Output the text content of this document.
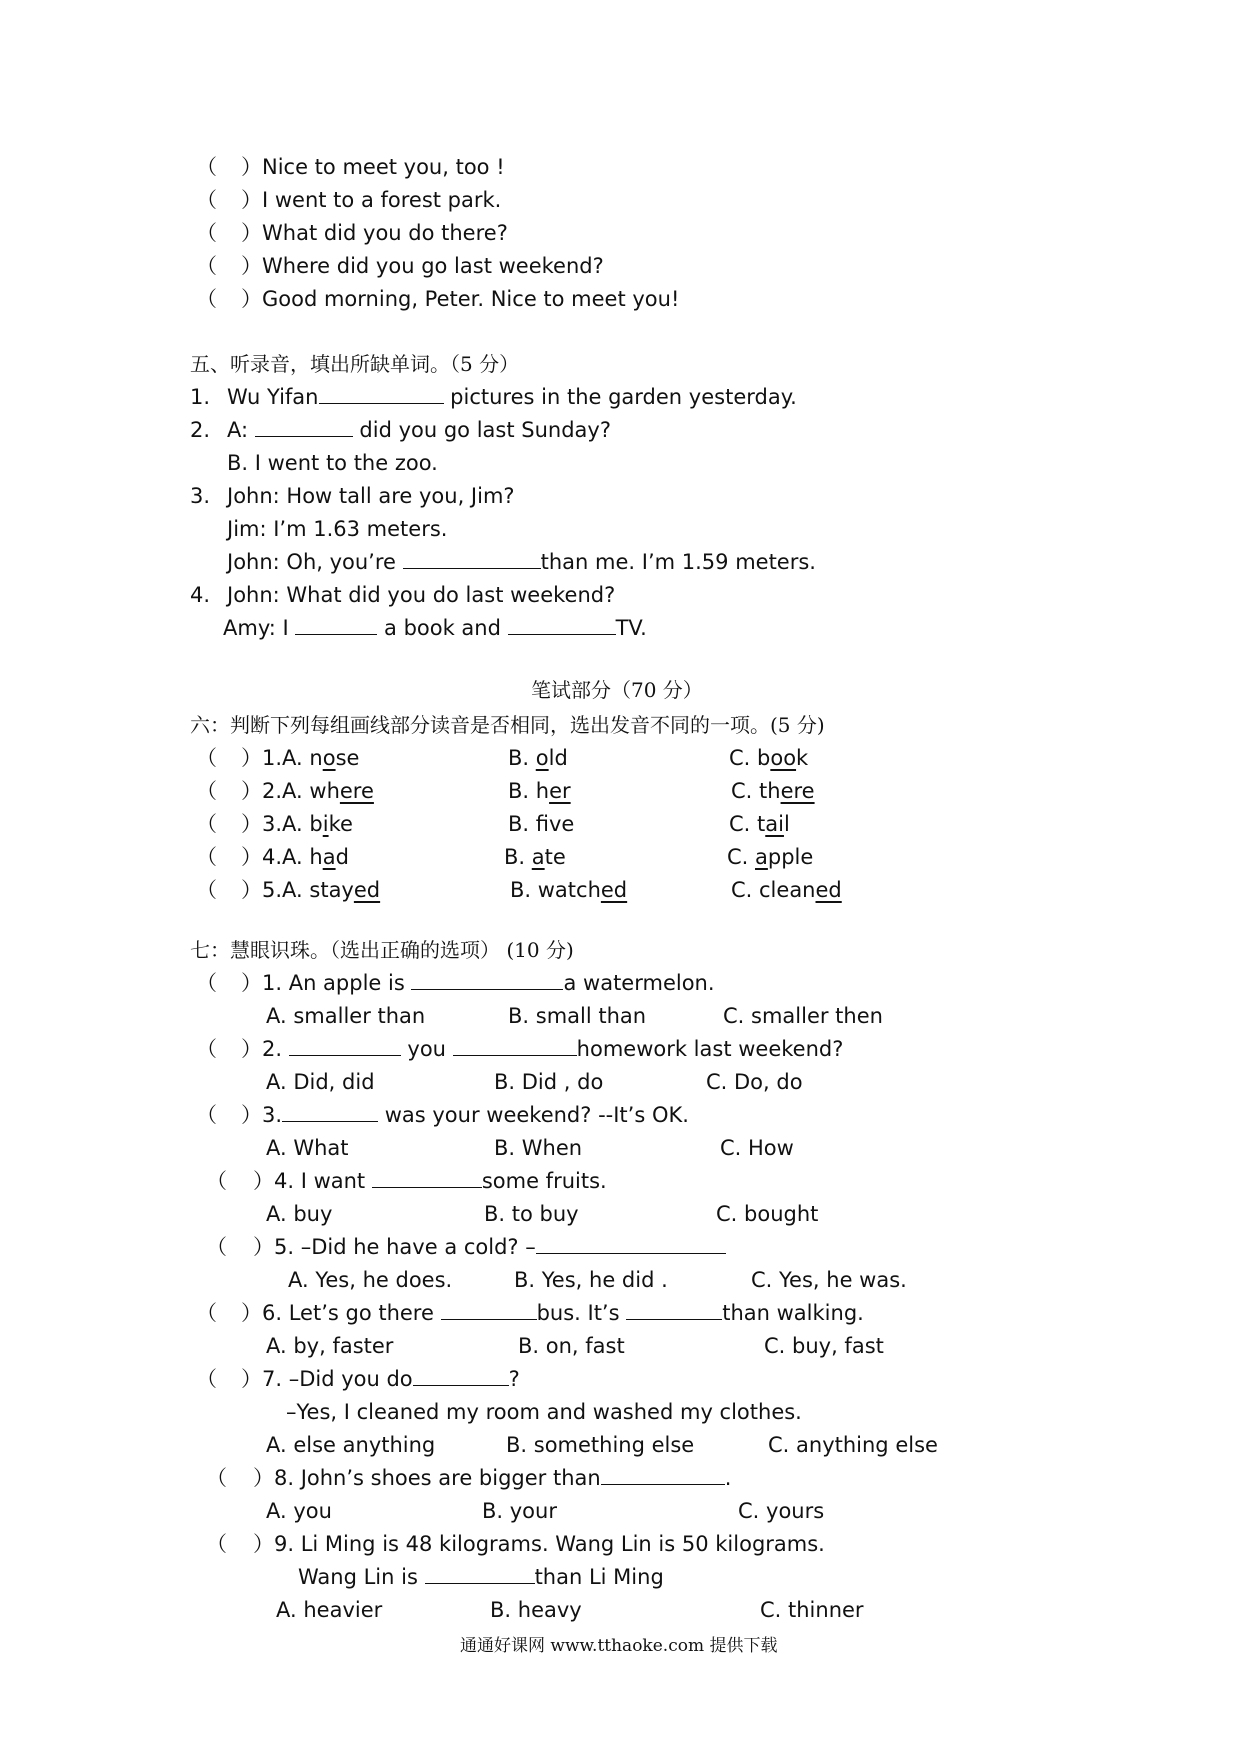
（ ）Nice to meet you, too !
（ ）I went to a forest park.
（ ）What did you do there?
（ ）Where did you go last weekend?
（ ）Good morning, Peter. Nice to meet you!
五、听录音，填出所缺单词。（5 分）
1. Wu Yifan	pictures in the garden yesterday.
2. A:	did you go last Sunday?
B. I went to the zoo.
3. John: How tall are you, Jim?
Jim: I’m 1.63 meters.
John: Oh, you’re	than me. I’m 1.59 meters.
4. John: What did you do last weekend?
Amy: I	a book and	TV.
笔试部分（70 分）
六：判断下列每组画线部分读音是否相同，选出发音不同的一项。(5 分)
（ ）1.A. nose	B. old	C. book
（ ）2.A. where	B. her	C. there
（ ）3.A. bike	B. fve	C. tail
（ ）4.A. had	B. ate	C. apple
（ ）5.A. stayed	B. watched	C. cleaned
七：慧眼识珠。（选出正确的选项） (10 分)
（ ）1. An apple is	a watermelon.
A. smaller than	B. small than	C. smaller then
（ ）2.	you	homework last weekend?
A. Did, did	B. Did , do	C. Do, do
（ ）3.	was your weekend? --It’s OK.
A. What	B. When	C. How
（ ）4. I want	some fruits.
A. buy	B. to buy	C. bought
（ ）5. –Did he have a cold? –
A. Yes, he does.	B. Yes, he did .	C. Yes, he was.
（ ）6. Let’s go there	bus. It’s	than walking.
A. by, faster	B. on, fast	C. buy, fast
（ ）7. –Did you do	?
–Yes, I cleaned my room and washed my clothes.
A. else anything	B. something else	C. anything else
（ ）8. John’s shoes are bigger than	.
A. you	B. your	C. yours
（ ）9. Li Ming is 48 kilograms. Wang Lin is 50 kilograms.
Wang Lin is	than Li Ming
A. heavier	B. heavy	C. thinner
通通好课网 www.tthaoke.com 提供下载
